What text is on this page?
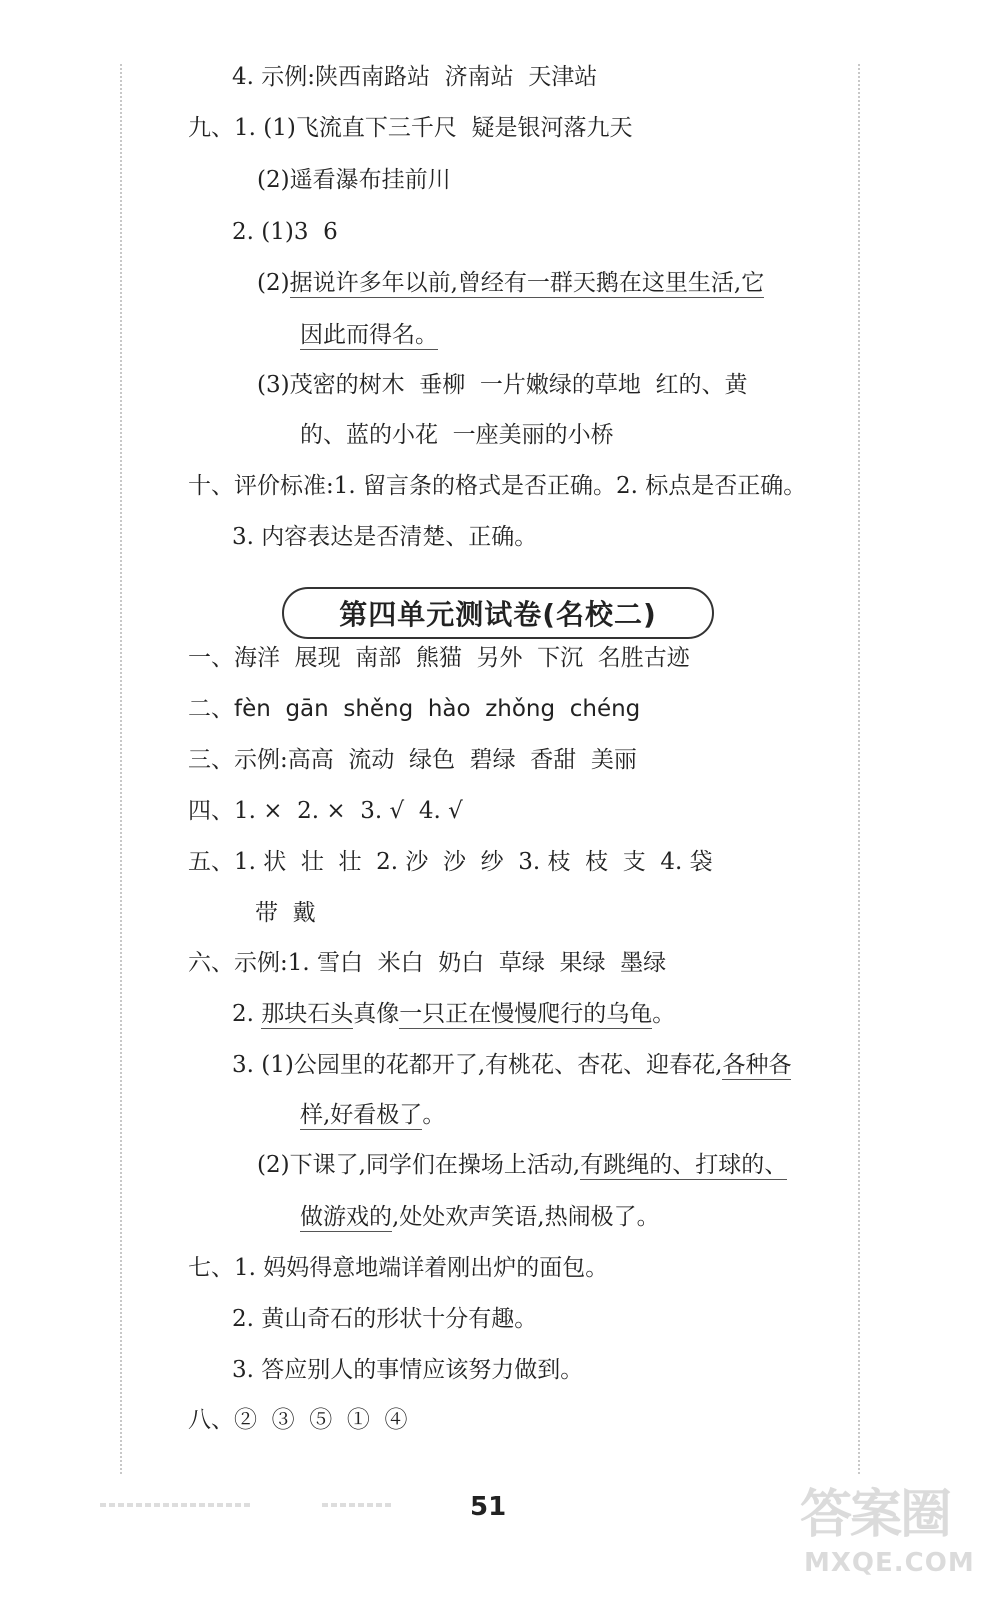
4. 示例:陕西南路站  济南站  天津站
九、1. (1)飞流直下三千尺  疑是银河落九天
(2)遥看瀑布挂前川
2. (1)3  6
(2)据说许多年以前,曾经有一群天鹅在这里生活,它
因此而得名。
(3)茂密的树木  垂柳  一片嫩绿的草地  红的、黄
的、蓝的小花  一座美丽的小桥
十、评价标准:1. 留言条的格式是否正确。2. 标点是否正确。
3. 内容表达是否清楚、正确。
第四单元测试卷(名校二)
一、海洋  展现  南部  熊猫  另外  下沉  名胜古迹
二、fèn  gān  shěng  hào  zhǒng  chéng
三、示例:高高  流动  绿色  碧绿  香甜  美丽
四、1. ×  2. ×  3. √  4. √
五、1. 状  壮  壮  2. 沙  沙  纱  3. 枝  枝  支  4. 袋
带  戴
六、示例:1. 雪白  米白  奶白  草绿  果绿  墨绿
2. 那块石头真像一只正在慢慢爬行的乌龟。
3. (1)公园里的花都开了,有桃花、杏花、迎春花,各种各
样,好看极了。
(2)下课了,同学们在操场上活动,有跳绳的、打球的、
做游戏的,处处欢声笑语,热闹极了。
七、1. 妈妈得意地端详着刚出炉的面包。
2. 黄山奇石的形状十分有趣。
3. 答应别人的事情应该努力做到。
八、②  ③  ⑤  ①  ④
51	答案圈
MXQE.COM
